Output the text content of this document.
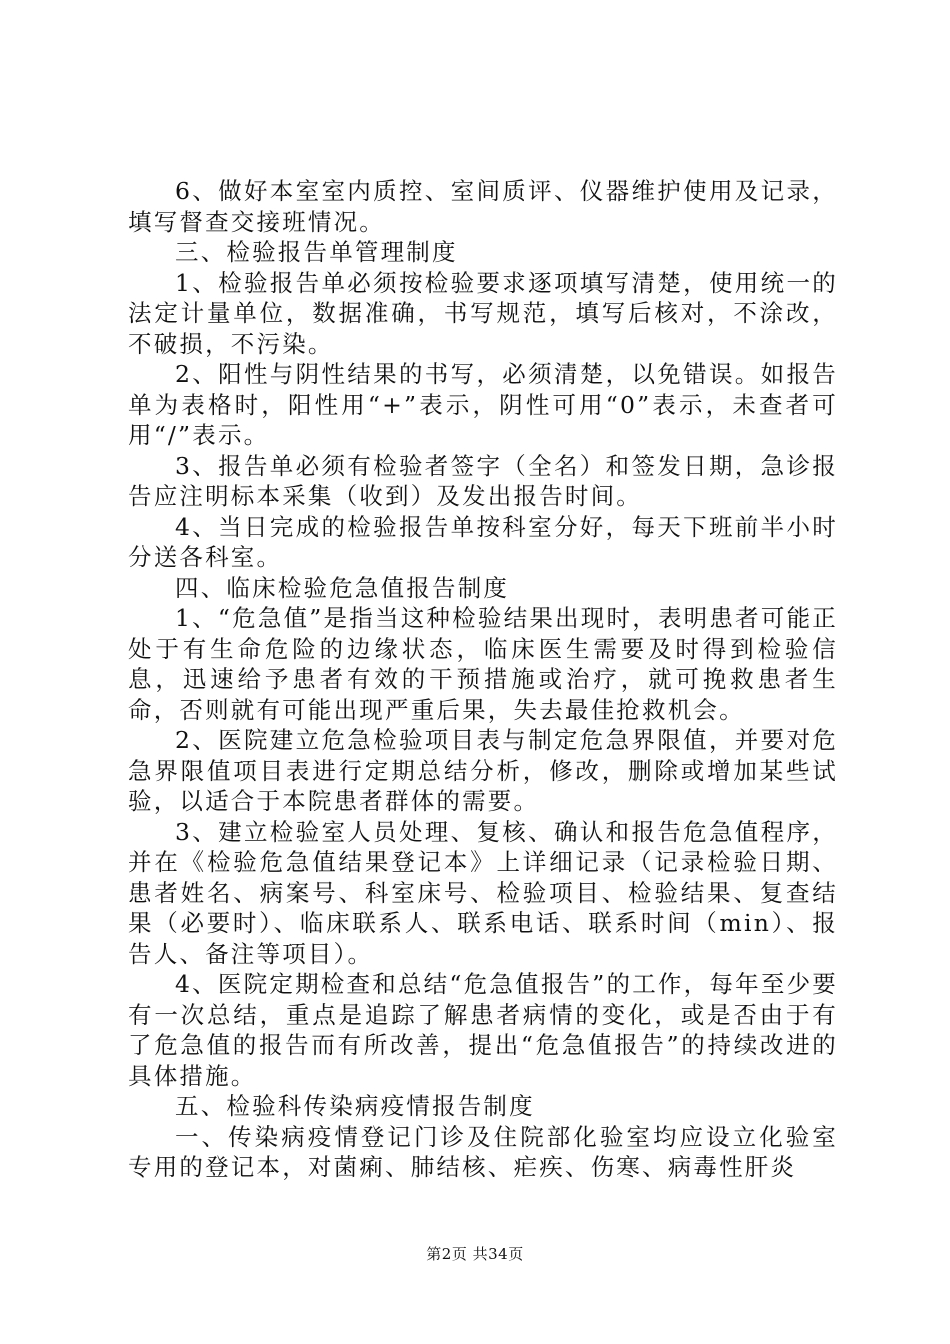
6、做好本室室内质控、室间质评、仪器维护使用及记录，填写督查交接班情况。

三、检验报告单管理制度

1、检验报告单必须按检验要求逐项填写清楚，使用统一的法定计量单位，数据准确，书写规范，填写后核对，不涂改，不破损，不污染。

2、阳性与阴性结果的书写，必须清楚，以免错误。如报告单为表格时，阳性用“+”表示，阴性可用“0”表示，未查者可用“/”表示。

3、报告单必须有检验者签字（全名）和签发日期，急诊报告应注明标本采集（收到）及发出报告时间。

4、当日完成的检验报告单按科室分好，每天下班前半小时分送各科室。

四、临床检验危急值报告制度

1、“危急值”是指当这种检验结果出现时，表明患者可能正处于有生命危险的边缘状态，临床医生需要及时得到检验信息，迅速给予患者有效的干预措施或治疗，就可挽救患者生命，否则就有可能出现严重后果，失去最佳抢救机会。

2、医院建立危急检验项目表与制定危急界限值，并要对危急界限值项目表进行定期总结分析，修改，删除或增加某些试验，以适合于本院患者群体的需要。

3、建立检验室人员处理、复核、确认和报告危急值程序，并在《检验危急值结果登记本》上详细记录（记录检验日期、患者姓名、病案号、科室床号、检验项目、检验结果、复查结果（必要时）、临床联系人、联系电话、联系时间（min）、报告人、备注等项目）。

4、医院定期检查和总结“危急值报告”的工作，每年至少要有一次总结，重点是追踪了解患者病情的变化，或是否由于有了危急值的报告而有所改善，提出“危急值报告”的持续改进的具体措施。

五、检验科传染病疫情报告制度

一、传染病疫情登记门诊及住院部化验室均应设立化验室专用的登记本，对菌痢、肺结核、疟疾、伤寒、病毒性肝炎

第2页 共34页
